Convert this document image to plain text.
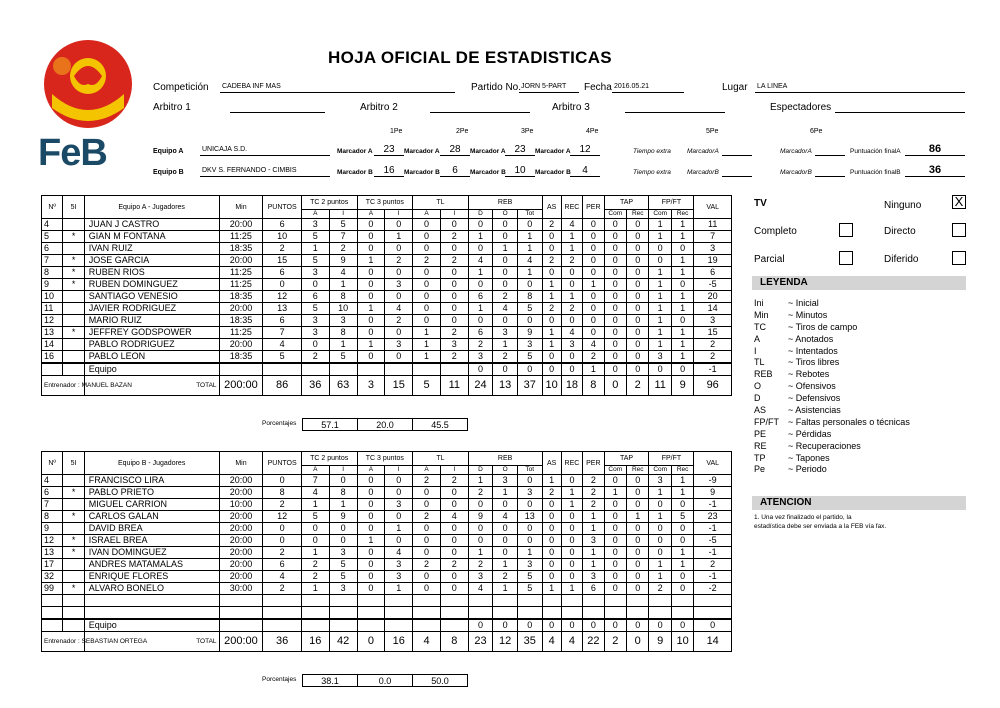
FeB
HOJA OFICIAL DE ESTADISTICAS
Competición CADEBA INF MAS	Partido No. JORN 5-PART	Fecha 2016.05.21	Lugar LA LINEA
Arbitro 1	Arbitro 2	Arbitro 3	Espectadores
1Pe	2Pe	3Pe	4Pe	5Pe	6Pe
Equipo A	UNICAJA S.D.	Marcador A	23	Marcador A 28	Marcador A 23	Marcador A 12	Tiempo extra MarcadorA	MarcadorA	Puntuación finalA	86
Equipo B	DKV S. FERNANDO - CIMBIS	Marcador B	16	Marcador B	6	Marcador B 10	Marcador B	4	Tiempo extra MarcadorB	MarcadorB	Puntuación finalB	36
Nº	5I	Equipo A - Jugadores	Min	PUNTOS	TC 2 puntos		TC 3 puntos		TL		REB			AS	REC	PER	TAP		FP/FT		VAL
					A	I	A	I	A	I	D	O	Tot				Com	Rec	Com	Rec	
4		JUAN J CASTRO	20:00	6	3	5	0	0	0	0	0	0	0	2	4	0	0	0	1	1	11
5	*	GIAN M FONTANA	11:25	10	5	7	0	1	0	2	1	0	1	0	1	0	0	0	1	1	7
6		IVAN RUIZ	18:35	2	1	2	0	0	0	0	0	1	1	0	1	0	0	0	0	0	3
7	*	JOSE GARCIA	20:00	15	5	9	1	2	2	2	4	0	4	2	2	0	0	0	0	1	19
8	*	RUBEN RIOS	11:25	6	3	4	0	0	0	0	1	0	1	0	0	0	0	0	1	1	6
9	*	RUBEN DOMINGUEZ	11:25	0	0	1	0	3	0	0	0	0	0	1	0	1	0	0	1	0	-5
10		SANTIAGO VENESIO	18:35	12	6	8	0	0	0	0	6	2	8	1	1	0	0	0	1	1	20
11		JAVIER RODRIGUEZ	20:00	13	5	10	1	4	0	0	1	4	5	2	2	0	0	0	1	1	14
12		MARIO RUIZ	18:35	6	3	3	0	2	0	0	0	0	0	0	0	0	0	0	1	0	3
13	*	JEFFREY GODSPOWER	11:25	7	3	8	0	0	1	2	6	3	9	1	4	0	0	0	1	1	15
14		PABLO RODRIGUEZ	20:00	4	0	1	1	3	1	3	2	1	3	1	3	4	0	0	1	1	2
16		PABLO LEON	18:35	5	2	5	0	0	1	2	3	2	5	0	0	2	0	0	3	1	2
		Equipo									0	0	0	0	0	1	0	0	0	0	-1
Entrenador : MANUEL BAZAN		TOTAL	200:00	86	36	63	3	15	5	11	24	13	37	10	18	8	0	2	11	9	96
Porcentajes	57.1	20.0	45.5
Nº	5I	Equipo B - Jugadores	Min	PUNTOS	TC 2 puntos		TC 3 puntos		TL		REB			AS	REC	PER	TAP		FP/FT		VAL
					A	I	A	I	A	I	D	O	Tot				Com	Rec	Com	Rec	
4		FRANCISCO LIRA	20:00	0	7	0	0	0	2	2	1	3	0	1	0	2	0	0	3	1	-9
6	*	PABLO PRIETO	20:00	8	4	8	0	0	0	0	2	1	3	2	1	2	1	0	1	1	9
7		MIGUEL CARRION	10:00	2	1	1	0	3	0	0	0	0	0	0	1	2	0	0	0	0	-1
8	*	CARLOS GALAN	20:00	12	5	9	0	0	2	4	9	4	13	0	0	1	0	1	1	5	23
9		DAVID BREA	20:00	0	0	0	0	1	0	0	0	0	0	0	0	1	0	0	0	0	-1
12	*	ISRAEL BREA	20:00	0	0	0	1	0	0	0	0	0	0	0	0	3	0	0	0	0	-5
13	*	IVAN DOMINGUEZ	20:00	2	1	3	0	4	0	0	1	0	1	0	0	1	0	0	0	1	-1
17		ANDRES MATAMALAS	20:00	6	2	5	0	3	2	2	2	1	3	0	0	1	0	0	1	1	2
32		ENRIQUE FLORES	20:00	4	2	5	0	3	0	0	3	2	5	0	0	3	0	0	1	0	-1
99	*	ALVARO BONELO	30:00	2	1	3	0	1	0	0	4	1	5	1	1	6	0	0	2	0	-2

		Equipo									0	0	0	0	0	0	0	0	0	0	0
Entrenador : SEBASTIAN ORTEGA		TOTAL	200:00	36	16	42	0	16	4	8	23	12	35	4	4	22	2	0	9	10	14
Porcentajes	38.1	0.0	50.0
TV	Ninguno	X
Completo	Directo
Parcial	Diferido
LEYENDA
Ini	~ Inicial
Min ~ Minutos
TC ~ Tiros de campo
A	~ Anotados
I	~ Intentados
TL	~ Tiros libres
REB ~ Rebotes
O	~ Ofensivos
D	~ Defensivos
AS ~ Asistencias
FP/FT ~ Faltas personales o técnicas
PE ~ Pérdidas
RE ~ Recuperaciones
TP ~ Tapones
Pe	~ Periodo
ATENCION
1. Una vez finalizado el partido, la
estadística debe ser enviada a la FEB vía fax.
